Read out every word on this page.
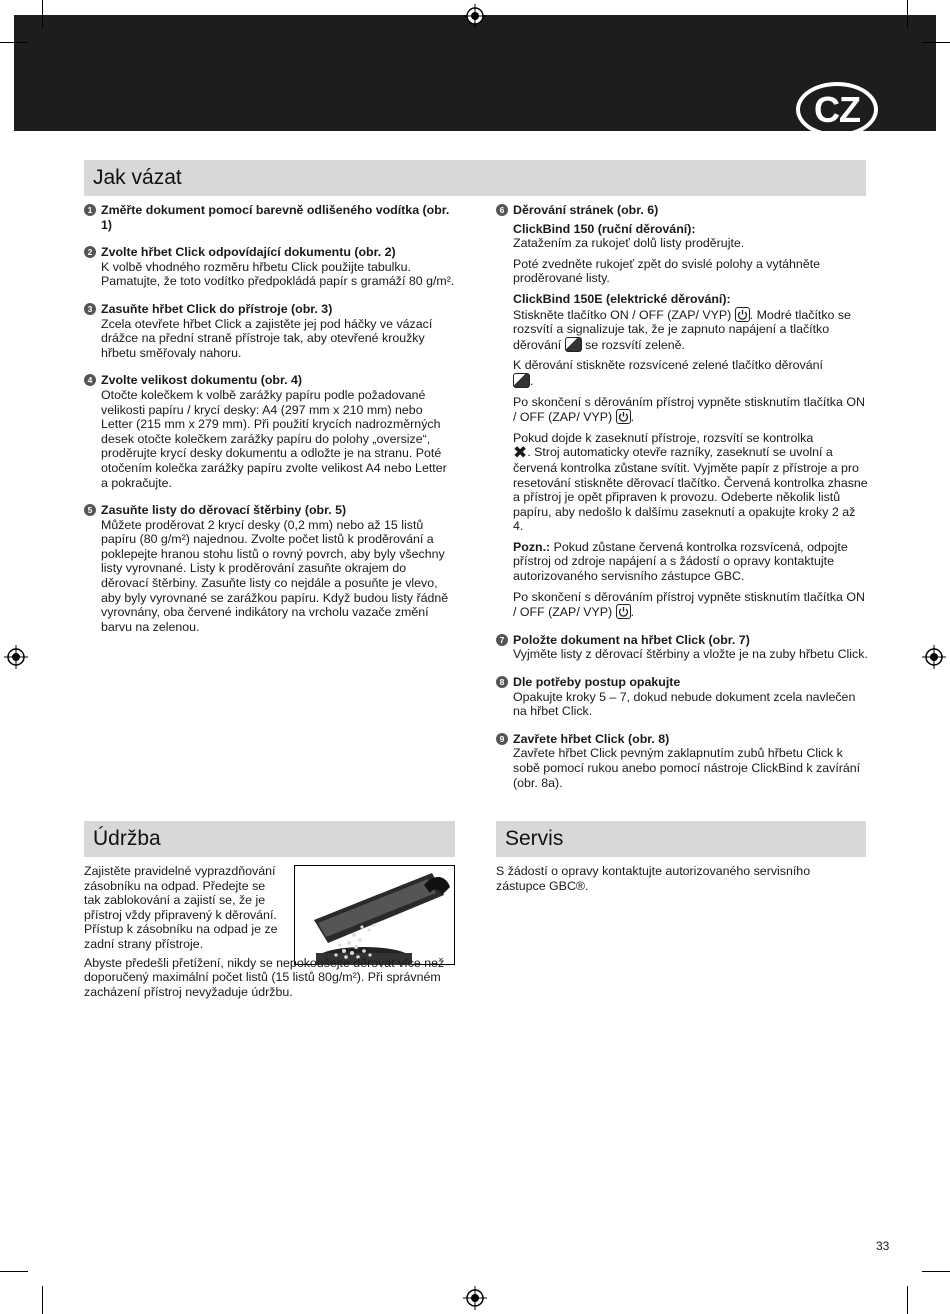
CZ
Jak vázat
1 Změřte dokument pomocí barevně odlišeného vodítka (obr. 1)
2 Zvolte hřbet Click odpovídající dokumentu (obr. 2)

K volbě vhodného rozměru hřbetu Click použijte tabulku. Pamatujte, že toto vodítko předpokládá papír s gramáží 80 g/m².

3 Zasuňte hřbet Click do přístroje (obr. 3)

Zcela otevřete hřbet Click a zajistěte jej pod háčky ve vázací drážce na přední straně přístroje tak, aby otevřené kroužky hřbetu směřovaly nahoru.

4 Zvolte velikost dokumentu (obr. 4)

Otočte kolečkem k volbě zarážky papíru podle požadované velikosti papíru / krycí desky: A4 (297 mm x 210 mm) nebo Letter (215 mm x 279 mm). Při použití krycích nadrozměrných desek otočte kolečkem zarážky papíru do polohy „oversize“, proděrujte krycí desky dokumentu a odložte je na stranu. Poté otočením kolečka zarážky papíru zvolte velikost A4 nebo Letter a pokračujte.

5 Zasuňte listy do děrovací štěrbiny (obr. 5)

Můžete proděrovat 2 krycí desky (0,2 mm) nebo až 15 listů papíru (80 g/m²) najednou. Zvolte počet listů k proděrování a poklepejte hranou stohu listů o rovný povrch, aby byly všechny listy vyrovnané. Listy k proděrování zasuňte okrajem do děrovací štěrbiny. Zasuňte listy co nejdále a posuňte je vlevo, aby byly vyrovnané se zarážkou papíru. Když budou listy řádně vyrovnány, oba červené indikátory na vrcholu vazače změní barvu na zelenou.

6 Děrování stránek (obr. 6)

ClickBind 150 (ruční děrování):
Zatažením za rukojeť dolů listy proděrujte.

Poté zvedněte rukojeť zpět do svislé polohy a vytáhněte proděrované listy.

ClickBind 150E (elektrické děrování):
Stiskněte tlačítko ON / OFF (ZAP/ VYP)
. Modré tlačítko se rozsvítí a signalizuje tak, že je zapnuto napájení a tlačítko děrování  se rozsvítí zeleně.

K děrování stiskněte rozsvícené zelené tlačítko děrování
.

Po skončení s děrováním přístroj vypněte stisknutím tlačítka ON / OFF (ZAP/ VYP)
.

Pokud dojde k zaseknutí přístroje, rozsvítí se kontrolka
✖. Stroj automaticky otevře razníky, zaseknutí se uvolní a červená kontrolka zůstane svítit. Vyjměte papír z přístroje a pro resetování stiskněte děrovací tlačítko. Červená kontrolka zhasne a přístroj je opět připraven k provozu. Odeberte několik listů papíru, aby nedošlo k dalšímu zaseknutí a opakujte kroky 2 až 4.

Pozn.: Pokud zůstane červená kontrolka rozsvícená, odpojte přístroj od zdroje napájení a s žádostí o opravy kontaktujte autorizovaného servisního zástupce GBC.

Po skončení s děrováním přístroj vypněte stisknutím tlačítka ON / OFF (ZAP/ VYP)
.

7 Položte dokument na hřbet Click (obr. 7)

Vyjměte listy z děrovací štěrbiny a vložte je na zuby hřbetu Click.

8 Dle potřeby postup opakujte

Opakujte kroky 5 – 7, dokud nebude dokument zcela navlečen na hřbet Click.

9 Zavřete hřbet Click (obr. 8)

Zavřete hřbet Click pevným zaklapnutím zubů hřbetu Click k sobě pomocí rukou anebo pomocí nástroje ClickBind k zavírání (obr. 8a).

Údržba

Zajistěte pravidelné vyprazdňování zásobníku na odpad. Předejte se tak zablokování a zajistí se, že je přístroj vždy připravený k děrování. Přístup k zásobníku na odpad je ze zadní strany přístroje.

Abyste předešli přetížení, nikdy se nepokoušejte děrovat více než doporučený maximální počet listů (15 listů 80g/m²). Při správném zacházení přístroj nevyžaduje údržbu.

Servis

S žádostí o opravy kontaktujte autorizovaného servisního zástupce GBC®.

33
